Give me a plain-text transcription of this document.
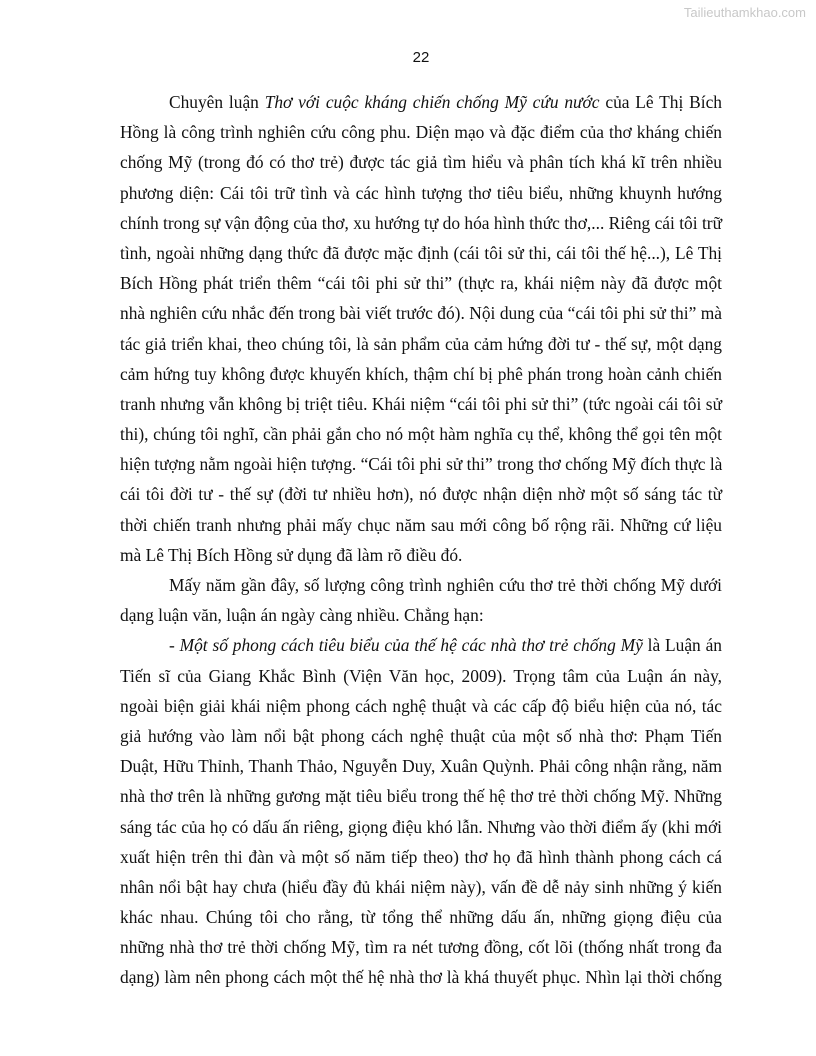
Tailieuthamkhao.com
22
Chuyên luận Thơ với cuộc kháng chiến chống Mỹ cứu nước của Lê Thị Bích
Hồng là công trình nghiên cứu công phu. Diện mạo và đặc điểm của thơ kháng chiến
chống Mỹ (trong đó có thơ trẻ) được tác giả tìm hiểu và phân tích khá kĩ trên nhiều
phương diện: Cái tôi trữ tình và các hình tượng thơ tiêu biểu, những khuynh hướng
chính trong sự vận động của thơ, xu hướng tự do hóa hình thức thơ,... Riêng cái tôi trữ
tình, ngoài những dạng thức đã được mặc định (cái tôi sử thi, cái tôi thế hệ...), Lê Thị
Bích Hồng phát triển thêm “cái tôi phi sử thi” (thực ra, khái niệm này đã được một
nhà nghiên cứu nhắc đến trong bài viết trước đó). Nội dung của “cái tôi phi sử thi” mà
tác giả triển khai, theo chúng tôi, là sản phẩm của cảm hứng đời tư - thế sự, một dạng
cảm hứng tuy không được khuyến khích, thậm chí bị phê phán trong hoàn cảnh chiến
tranh nhưng vẫn không bị triệt tiêu. Khái niệm “cái tôi phi sử thi” (tức ngoài cái tôi sử
thi), chúng tôi nghĩ, cần phải gắn cho nó một hàm nghĩa cụ thể, không thể gọi tên một
hiện tượng nằm ngoài hiện tượng. “Cái tôi phi sử thi” trong thơ chống Mỹ đích thực là
cái tôi đời tư - thế sự (đời tư nhiều hơn), nó được nhận diện nhờ một số sáng tác từ
thời chiến tranh nhưng phải mấy chục năm sau mới công bố rộng rãi. Những cứ liệu
mà Lê Thị Bích Hồng sử dụng đã làm rõ điều đó.
Mấy năm gần đây, số lượng công trình nghiên cứu thơ trẻ thời chống Mỹ dưới
dạng luận văn, luận án ngày càng nhiều. Chẳng hạn:
- Một số phong cách tiêu biểu của thế hệ các nhà thơ trẻ chống Mỹ là Luận án
Tiến sĩ của Giang Khắc Bình (Viện Văn học, 2009). Trọng tâm của Luận án này,
ngoài biện giải khái niệm phong cách nghệ thuật và các cấp độ biểu hiện của nó, tác
giả hướng vào làm nổi bật phong cách nghệ thuật của một số nhà thơ: Phạm Tiến
Duật, Hữu Thỉnh, Thanh Thảo, Nguyễn Duy, Xuân Quỳnh. Phải công nhận rằng, năm
nhà thơ trên là những gương mặt tiêu biểu trong thế hệ thơ trẻ thời chống Mỹ. Những
sáng tác của họ có dấu ấn riêng, giọng điệu khó lẫn. Nhưng vào thời điểm ấy (khi mới
xuất hiện trên thi đàn và một số năm tiếp theo) thơ họ đã hình thành phong cách cá
nhân nổi bật hay chưa (hiểu đầy đủ khái niệm này), vấn đề dễ nảy sinh những ý kiến
khác nhau. Chúng tôi cho rằng, từ tổng thể những dấu ấn, những giọng điệu của
những nhà thơ trẻ thời chống Mỹ, tìm ra nét tương đồng, cốt lõi (thống nhất trong đa
dạng) làm nên phong cách một thế hệ nhà thơ là khá thuyết phục. Nhìn lại thời chống
